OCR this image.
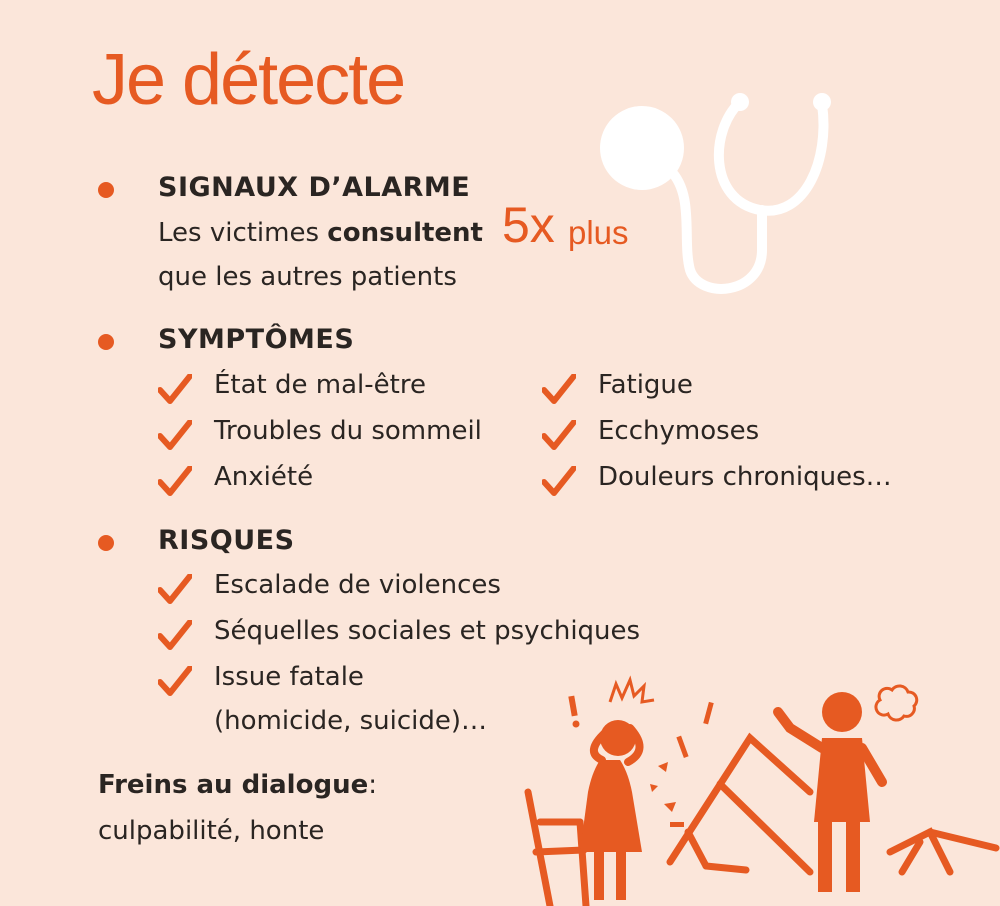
Je détecte
SIGNAUX D’ALARME
Les victimes consultent 5x plus
que les autres patients
SYMPTÔMES
État de mal-être
Troubles du sommeil
Anxiété
Fatigue
Ecchymoses
Douleurs chroniques…
RISQUES
Escalade de violences
Séquelles sociales et psychiques
Issue fatale
(homicide, suicide)…
Freins au dialogue:
culpabilité, honte
